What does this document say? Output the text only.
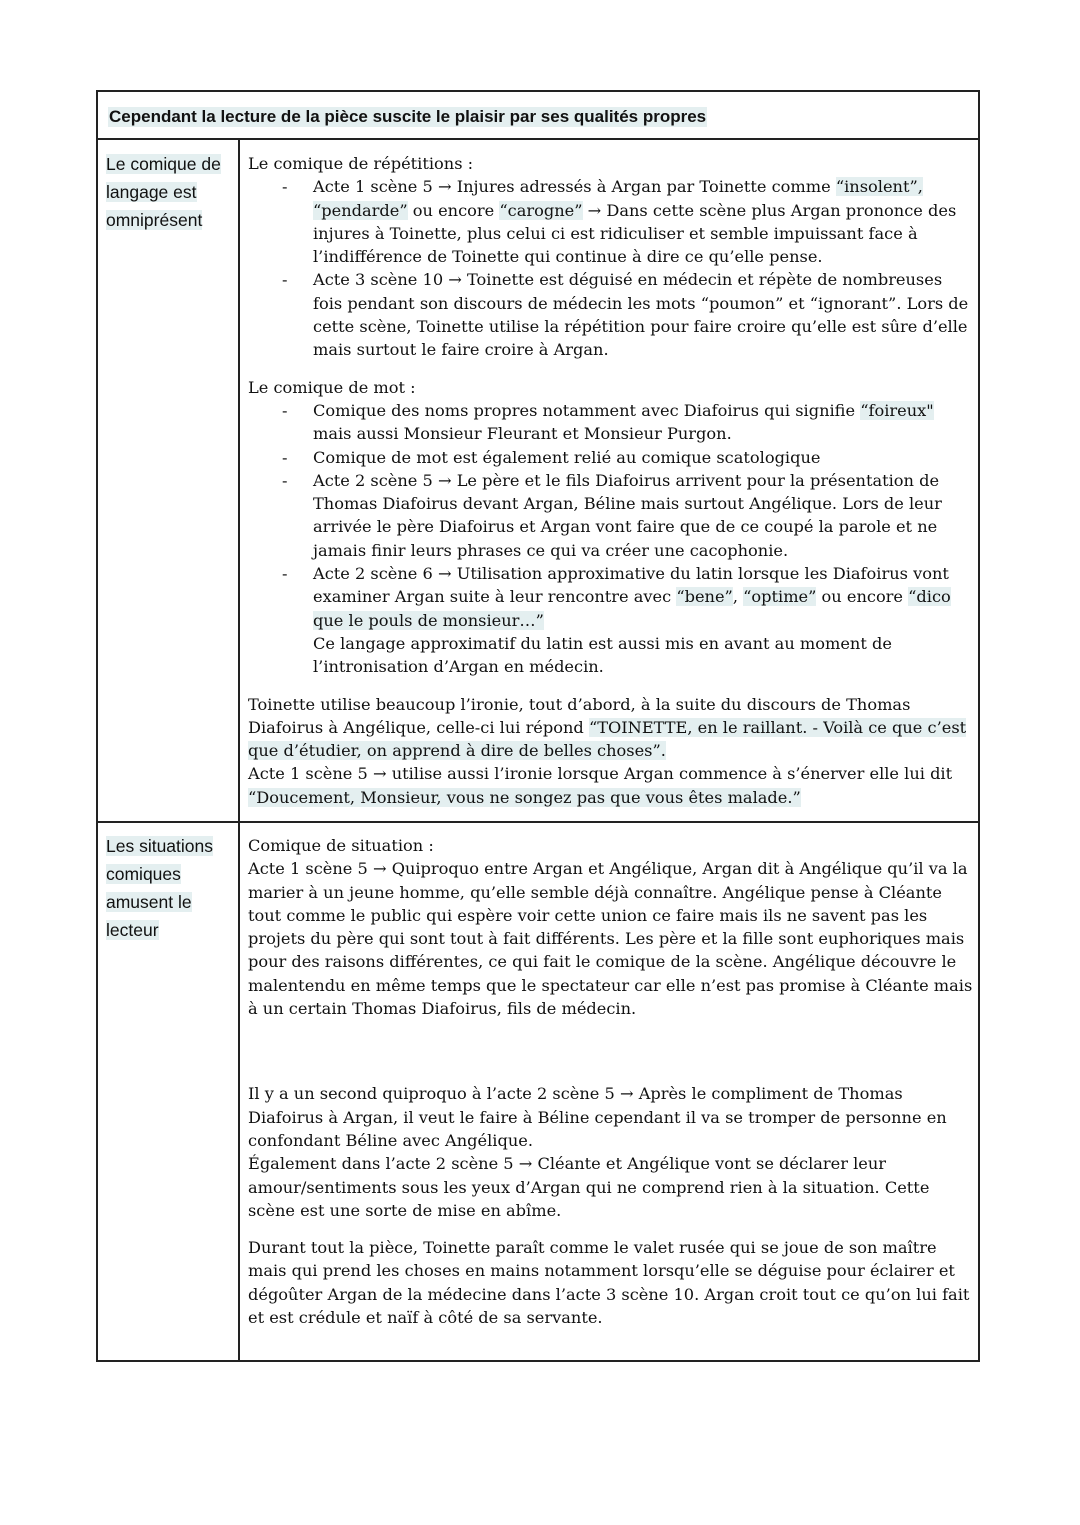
Cependant la lecture de la pièce suscite le plaisir par ses qualités propres
Le comique de
langage est
omniprésent

Le comique de répétitions :

- Acte 1 scène 5 → Injures adressés à Argan par Toinette comme “insolent”, “pendarde” ou encore “carogne” → Dans cette scène plus Argan prononce des injures à Toinette, plus celui ci est ridiculiser et semble impuissant face à l’indifférence de Toinette qui continue à dire ce qu’elle pense.
- Acte 3 scène 10 → Toinette est déguisé en médecin et répète de nombreuses fois pendant son discours de médecin les mots “poumon” et “ignorant”. Lors de cette scène, Toinette utilise la répétition pour faire croire qu’elle est sûre d’elle mais surtout le faire croire à Argan.

Le comique de mot :

- Comique des noms propres notamment avec Diafoirus qui signifie “foireux" mais aussi Monsieur Fleurant et Monsieur Purgon.
- Comique de mot est également relié au comique scatologique
- Acte 2 scène 5 → Le père et le fils Diafoirus arrivent pour la présentation de Thomas Diafoirus devant Argan, Béline mais surtout Angélique. Lors de leur arrivée le père Diafoirus et Argan vont faire que de ce coupé la parole et ne jamais finir leurs phrases ce qui va créer une cacophonie.
- Acte 2 scène 6 → Utilisation approximative du latin lorsque les Diafoirus vont examiner Argan suite à leur rencontre avec “bene”, “optime” ou encore “dico que le pouls de monsieur…”

Ce langage approximatif du latin est aussi mis en avant au moment de l’intronisation d’Argan en médecin.

Toinette utilise beaucoup l’ironie, tout d’abord, à la suite du discours de Thomas Diafoirus à Angélique, celle-ci lui répond “TOINETTE, en le raillant. - Voilà ce que c’est que d’étudier, on apprend à dire de belles choses”.

Acte 1 scène 5 → utilise aussi l’ironie lorsque Argan commence à s’énerver elle lui dit “Doucement, Monsieur, vous ne songez pas que vous êtes malade.”

Les situations
comiques
amusent le
lecteur

Comique de situation :

Acte 1 scène 5 → Quiproquo entre Argan et Angélique, Argan dit à Angélique qu’il va la marier à un jeune homme, qu’elle semble déjà connaître. Angélique pense à Cléante tout comme le public qui espère voir cette union ce faire mais ils ne savent pas les projets du père qui sont tout à fait différents. Les père et la fille sont euphoriques mais pour des raisons différentes, ce qui fait le comique de la scène. Angélique découvre le malentendu en même temps que le spectateur car elle n’est pas promise à Cléante mais à un certain Thomas Diafoirus, fils de médecin.

Il y a un second quiproquo à l’acte 2 scène 5 → Après le compliment de Thomas Diafoirus à Argan, il veut le faire à Béline cependant il va se tromper de personne en confondant Béline avec Angélique.

Également dans l’acte 2 scène 5 → Cléante et Angélique vont se déclarer leur amour/sentiments sous les yeux d’Argan qui ne comprend rien à la situation. Cette scène est une sorte de mise en abîme.

Durant tout la pièce, Toinette paraît comme le valet rusée qui se joue de son maître mais qui prend les choses en mains notamment lorsqu’elle se déguise pour éclairer et dégoûter Argan de la médecine dans l’acte 3 scène 10. Argan croit tout ce qu’on lui fait et est crédule et naïf à côté de sa servante.
